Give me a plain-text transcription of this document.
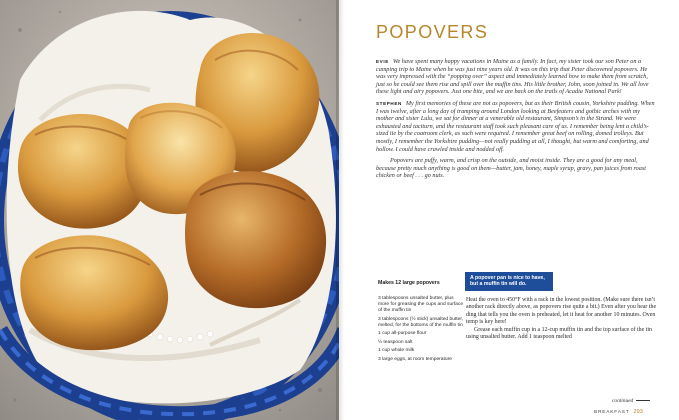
POPOVERS

EVIE We have spent many happy vacations in Maine as a family. In fact, my sister took our son Peter on a camping trip to Maine when he was just nine years old. It was on this trip that Peter discovered popovers. He was very impressed with the “popping over” aspect and immediately learned how to make them from scratch, just so he could see them rise and spill over the muffin tins. His little brother, John, soon joined in. We all love these light and airy popovers. Just one bite, and we are back on the trails of Acadia National Park!

STEPHEN My first memories of these are not as popovers, but as their British cousin, Yorkshire pudding. When I was twelve, after a long day of tramping around London looking at Beefeaters and gothic arches with my mother and sister Lulu, we sat for dinner at a venerable old restaurant, Simpson’s in the Strand. We were exhausted and taciturn, and the restaurant staff took such pleasant care of us. I remember being lent a child’s-sized tie by the coatroom clerk, as such were required. I remember great beef on rolling, domed trolleys. But mostly, I remember the Yorkshire pudding—not really pudding at all, I thought, but warm and comforting, and hollow. I could have crawled inside and nodded off.

Popovers are puffy, warm, and crisp on the outside, and moist inside. They are a good for any meal, because pretty much anything is good on them—butter, jam, honey, maple syrup, gravy, pan juices from roast chicken or beef . . . go nuts.

Makes 12 large popovers
A popover pan is nice to have, but a muffin tin will do.
3 tablespoons unsalted butter, plus more for greasing the cups and surface of the muffin tin
3 tablespoons (½ stick) unsalted butter, melted, for the bottoms of the muffin tin
1 cup all-purpose flour
½ teaspoon salt
1 cup whole milk
3 large eggs, at room temperature

Heat the oven to 450°F with a rack in the lowest position. (Make sure there isn’t another rack directly above, as popovers rise quite a bit.) Even after you hear the ding that tells you the oven is preheated, let it heat for another 10 minutes. Oven temp is key here!

Grease each muffin cup in a 12-cup muffin tin and the top surface of the tin using unsalted butter. Add 1 teaspoon melted

continued
BREAKFAST 293
